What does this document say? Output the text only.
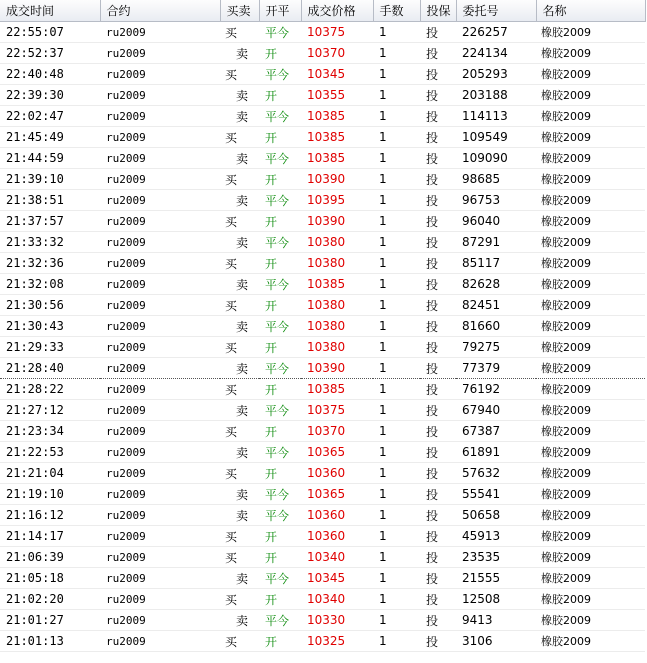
成交时间	合约	买卖	开平	成交价格	手数	投保	委托号	名称
22:55:07	ru2009	买	平今	10375	1	投	226257	橡胶2009
22:52:37	ru2009	卖	开	10370	1	投	224134	橡胶2009
22:40:48	ru2009	买	平今	10345	1	投	205293	橡胶2009
22:39:30	ru2009	卖	开	10355	1	投	203188	橡胶2009
22:02:47	ru2009	卖	平今	10385	1	投	114113	橡胶2009
21:45:49	ru2009	买	开	10385	1	投	109549	橡胶2009
21:44:59	ru2009	卖	平今	10385	1	投	109090	橡胶2009
21:39:10	ru2009	买	开	10390	1	投	98685	橡胶2009
21:38:51	ru2009	卖	平今	10395	1	投	96753	橡胶2009
21:37:57	ru2009	买	开	10390	1	投	96040	橡胶2009
21:33:32	ru2009	卖	平今	10380	1	投	87291	橡胶2009
21:32:36	ru2009	买	开	10380	1	投	85117	橡胶2009
21:32:08	ru2009	卖	平今	10385	1	投	82628	橡胶2009
21:30:56	ru2009	买	开	10380	1	投	82451	橡胶2009
21:30:43	ru2009	卖	平今	10380	1	投	81660	橡胶2009
21:29:33	ru2009	买	开	10380	1	投	79275	橡胶2009
21:28:40	ru2009	卖	平今	10390	1	投	77379	橡胶2009
21:28:22	ru2009	买	开	10385	1	投	76192	橡胶2009
21:27:12	ru2009	卖	平今	10375	1	投	67940	橡胶2009
21:23:34	ru2009	买	开	10370	1	投	67387	橡胶2009
21:22:53	ru2009	卖	平今	10365	1	投	61891	橡胶2009
21:21:04	ru2009	买	开	10360	1	投	57632	橡胶2009
21:19:10	ru2009	卖	平今	10365	1	投	55541	橡胶2009
21:16:12	ru2009	卖	平今	10360	1	投	50658	橡胶2009
21:14:17	ru2009	买	开	10360	1	投	45913	橡胶2009
21:06:39	ru2009	买	开	10340	1	投	23535	橡胶2009
21:05:18	ru2009	卖	平今	10345	1	投	21555	橡胶2009
21:02:20	ru2009	买	开	10340	1	投	12508	橡胶2009
21:01:27	ru2009	卖	平今	10330	1	投	9413	橡胶2009
21:01:13	ru2009	买	开	10325	1	投	3106	橡胶2009
